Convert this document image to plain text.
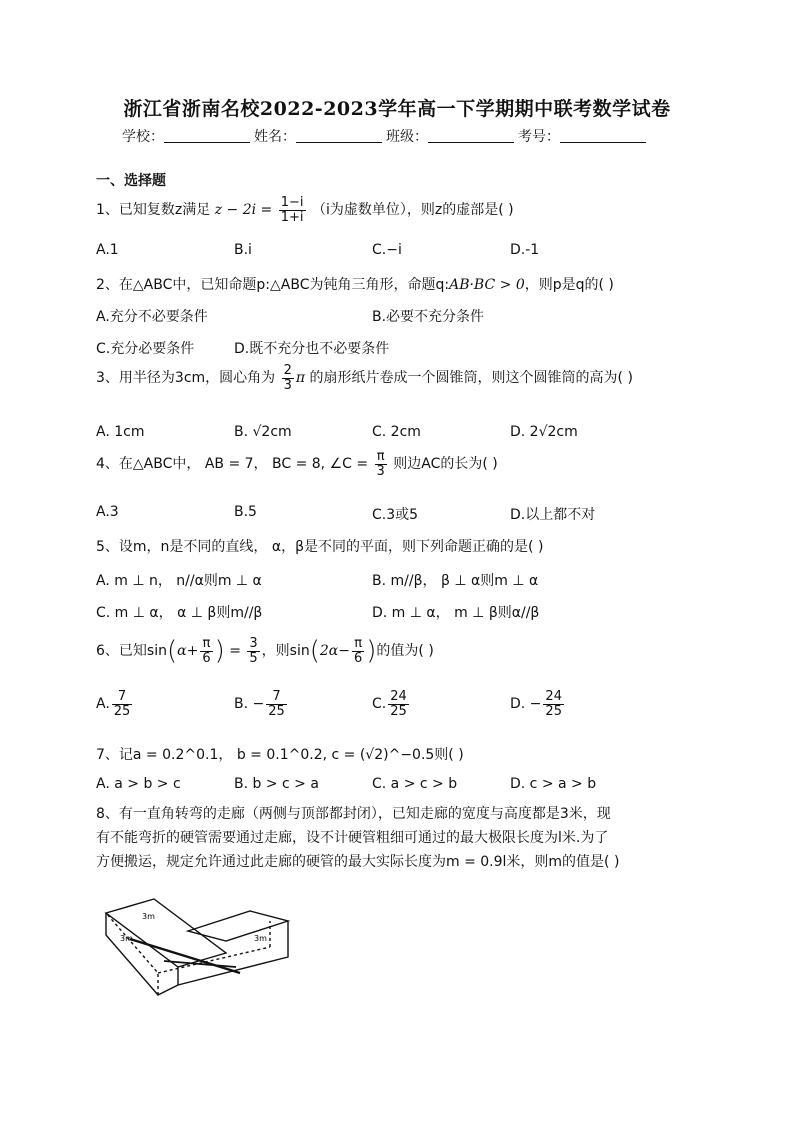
浙江省浙南名校2022-2023学年高一下学期期中联考数学试卷
学校：	姓名：	班级：	考号：
一、选择题
1、已知复数z满足 $z - 2i = \frac{1-i}{1+i} (i$为虚数单位），则z的虚部是( )
A.1	B.i	C.−i	D.-1
2、在△ABC中，已知命题p:△ABC为钝角三角形，命题q:AB·BC > 0，则p是q的( )
A.充分不必要条件	B.必要不充分条件
C.充分必要条件	D.既不充分也不必要条件
3、用半径为3cm，圆心角为 $\frac{2}{3}$ π 的扇形纸片卷成一个圆锥筒，则这个圆锥筒的高为( )
A. 1cm	B. √2cm	C. 2cm	D. 2√2cm
4、在△ABC中， AB = 7， BC = 8, ∠C = $\frac{\pi}{3}$ 则边AC的长为( )
A.3	B.5	C.3或5	D.以上都不对
5、设m，n是不同的直线， α，β是不同的平面，则下列命题正确的是( )
A. m ⊥ n， n//α则m ⊥ α	B. m//β， β ⊥ α则m ⊥ α
C. m ⊥ α， α ⊥ β则m//β	D. m ⊥ α， m ⊥ β则α//β
6、已知$\sin(\alpha+ \frac{\pi}{6}$ ) = $\frac{3}{5}$ ，则$\sin(2\alpha- \frac{\pi}{6}$ )的值为( )
A. $\frac{7}{25}$	B. − $\frac{7}{25}$	C. $\frac{24}{25}$	D. − $\frac{24}{25}$
7、记a = 0.2^0.1， b = 0.1^0.2, c = (√2)^−0.5则( )
A. a > b > c	B. b > c > a	C. a > c > b	D. c > a > b
8、有一直角转弯的走廊（两侧与顶部都封闭），已知走廊的宽度与高度都是3米，现
有不能弯折的硬管需要通过走廊，设不计硬管粗细可通过的最大极限长度为l米.为了
方便搬运，规定允许通过此走廊的硬管的最大实际长度为m = 0.9l米，则m的值是( )
3m
3m	3m
